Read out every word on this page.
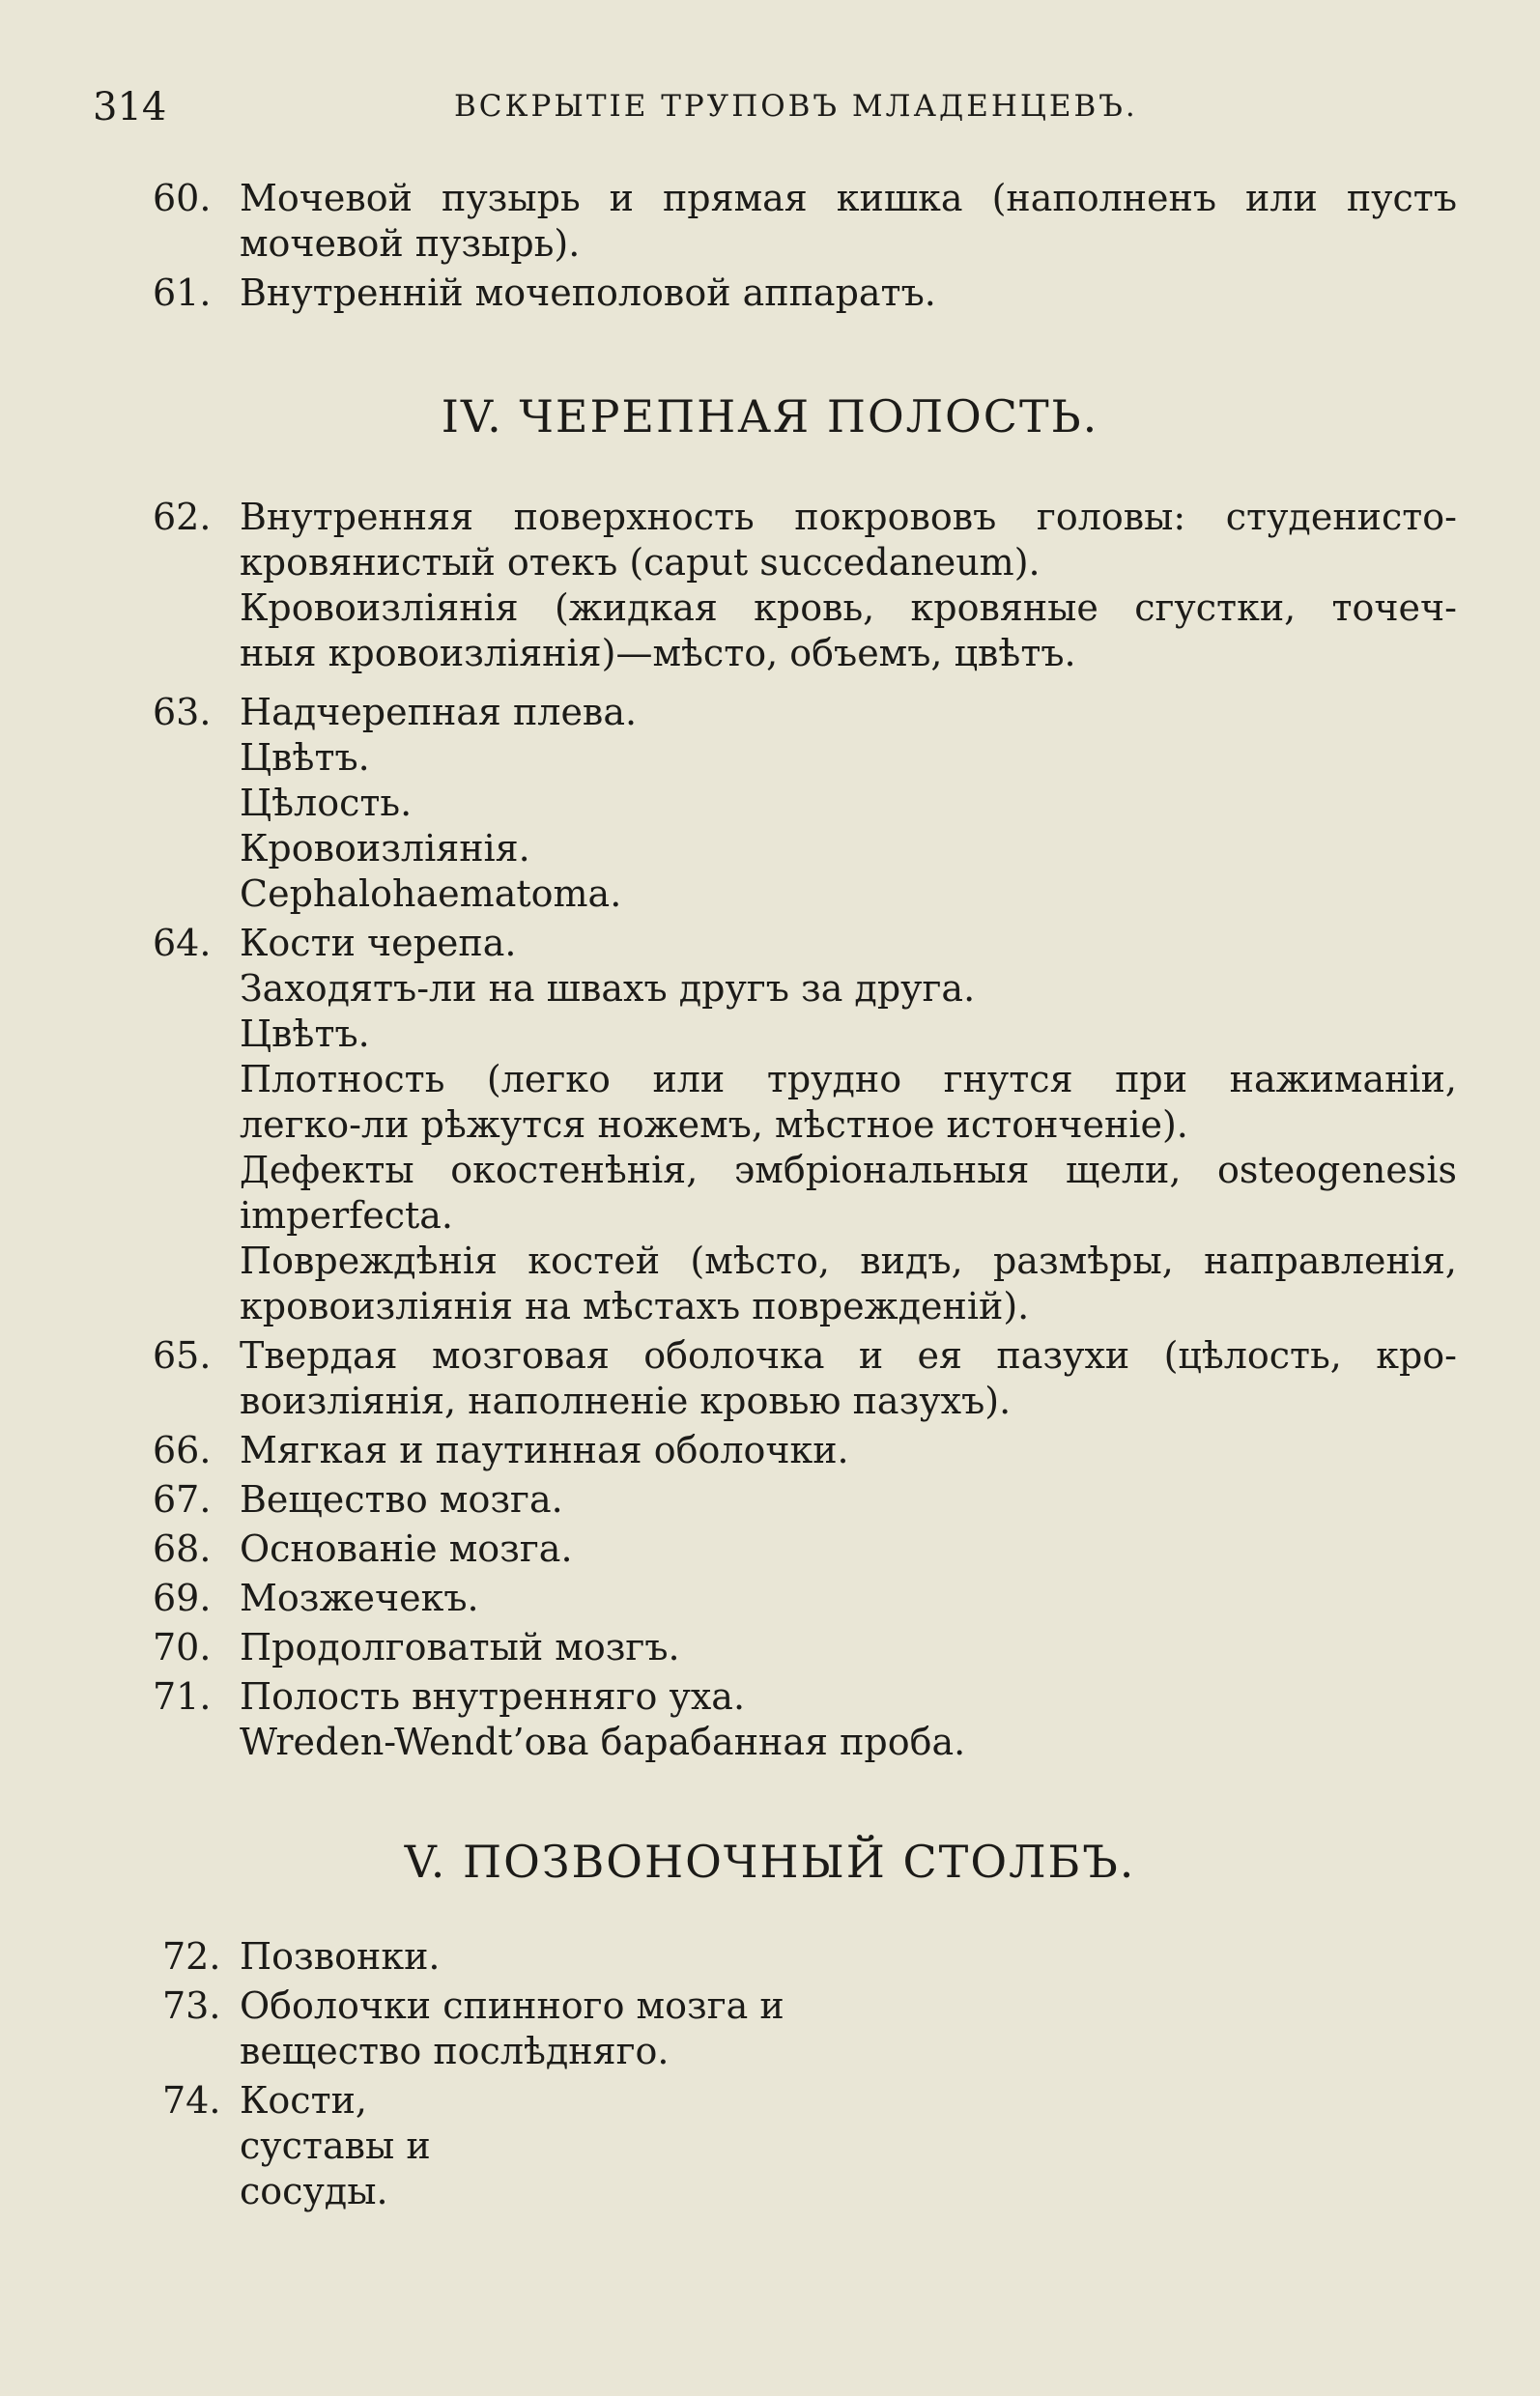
314	ВСКРЫТІЕ ТРУПОВЪ МЛАДЕНЦЕВЪ.
60. Мочевой пузырь и прямая кишка (наполненъ или пустъ
мочевой пузырь).
61. Внутренній мочеполовой аппаратъ.
IV. ЧЕРЕПНАЯ ПОЛОСТЬ.
62. Внутренняя поверхность покрововъ головы: студенисто-
кровянистый отекъ (caput succedaneum).
Кровоизліянія (жидкая кровь, кровяные сгустки, точеч-
ныя кровоизліянія)—мѣсто, объемъ, цвѣтъ.
63. Надчерепная плева.
Цвѣтъ.
Цѣлость.
Кровоизліянія.
Cephalohaematoma.
64. Кости черепа.
Заходятъ-ли на швахъ другъ за друга.
Цвѣтъ.
Плотность (легко или трудно гнутся при нажиманіи,
легко-ли рѣжутся ножемъ, мѣстное истонченіе).
Дефекты окостенѣнія, эмбріональныя щели, osteogenesis
imperfecta.
Повреждѣнія костей (мѣсто, видъ, размѣры, направленія,
кровоизліянія на мѣстахъ поврежденій).
65. Твердая мозговая оболочка и ея пазухи (цѣлость, кро-
воизліянія, наполненіе кровью пазухъ).
66. Мягкая и паутинная оболочки.
67. Вещество мозга.
68. Основаніе мозга.
69. Мозжечекъ.
70. Продолговатый мозгъ.
71. Полость внутренняго уха.
Wreden-Wendt’ова барабанная проба.
V. ПОЗВОНОЧНЫЙ СТОЛБЪ.
72. Позвонки.
73. Оболочки спинного мозга и
вещество послѣдняго.
74. Кости,
суставы и
сосуды.
